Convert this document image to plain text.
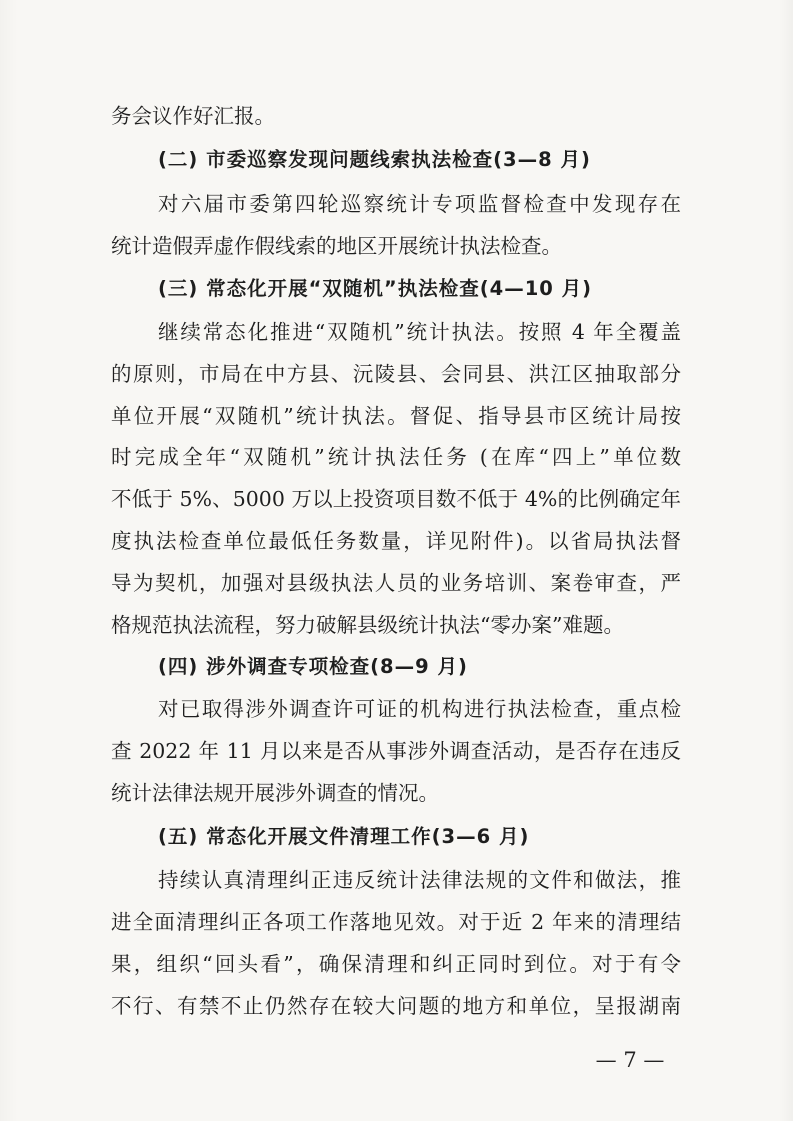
务会议作好汇报。
(二) 市委巡察发现问题线索执法检查(3—8 月)
对六届市委第四轮巡察统计专项监督检查中发现存在
统计造假弄虚作假线索的地区开展统计执法检查。
(三) 常态化开展“双随机”执法检查(4—10 月)
继续常态化推进“双随机”统计执法。按照 4 年全覆盖
的原则，市局在中方县、沅陵县、会同县、洪江区抽取部分
单位开展“双随机”统计执法。督促、指导县市区统计局按
时完成全年“双随机”统计执法任务 (在库“四上”单位数
不低于 5%、5000 万以上投资项目数不低于 4%的比例确定年
度执法检查单位最低任务数量，详见附件)。以省局执法督
导为契机，加强对县级执法人员的业务培训、案卷审查，严
格规范执法流程，努力破解县级统计执法“零办案”难题。
(四) 涉外调查专项检查(8—9 月)
对已取得涉外调查许可证的机构进行执法检查，重点检
查 2022 年 11 月以来是否从事涉外调查活动，是否存在违反
统计法律法规开展涉外调查的情况。
(五) 常态化开展文件清理工作(3—6 月)
持续认真清理纠正违反统计法律法规的文件和做法，推
进全面清理纠正各项工作落地见效。对于近 2 年来的清理结
果，组织“回头看”，确保清理和纠正同时到位。对于有令
不行、有禁不止仍然存在较大问题的地方和单位，呈报湖南
— 7 —
